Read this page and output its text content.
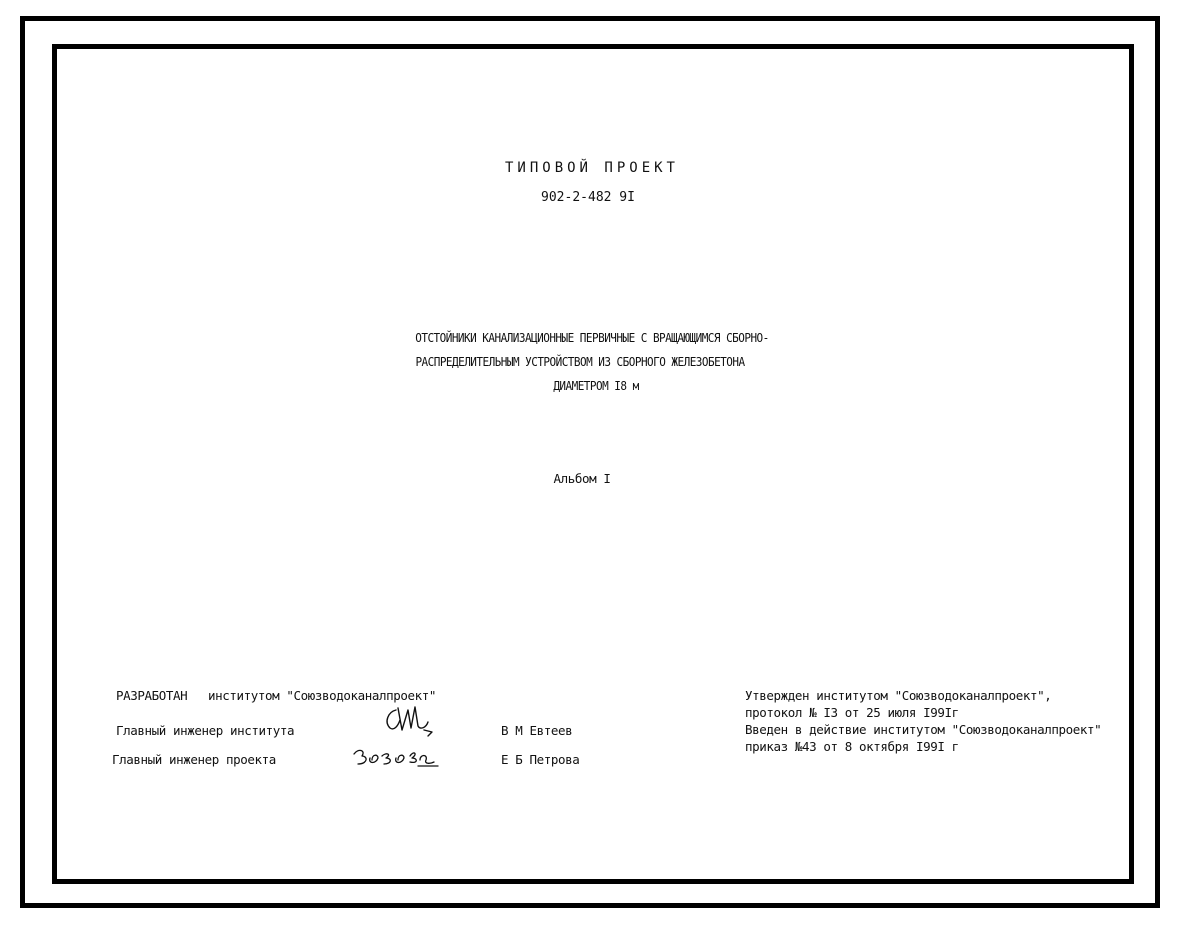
ТИПОВОЙ ПРОЕКТ
902-2-482 9I
ОТСТОЙНИКИ КАНАЛИЗАЦИОННЫЕ ПЕРВИЧНЫЕ С ВРАЩАЮЩИМСЯ СБОРНО-
РАСПРЕДЕЛИТЕЛЬНЫМ УСТРОЙСТВОМ ИЗ СБОРНОГО ЖЕЛЕЗОБЕТОНА
ДИАМЕТРОМ I8 м
Альбом I
РАЗРАБОТАН институтом "Союзводоканалпроект"
Главный инженер института	В М Евтеев
Главный инженер проекта	Е Б Петрова
Утвержден институтом "Союзводоканалпроект",
протокол № I3 от 25 июля I99Iг
Введен в действие институтом "Союзводоканалпроект"
приказ №43 от 8 октября I99I г
